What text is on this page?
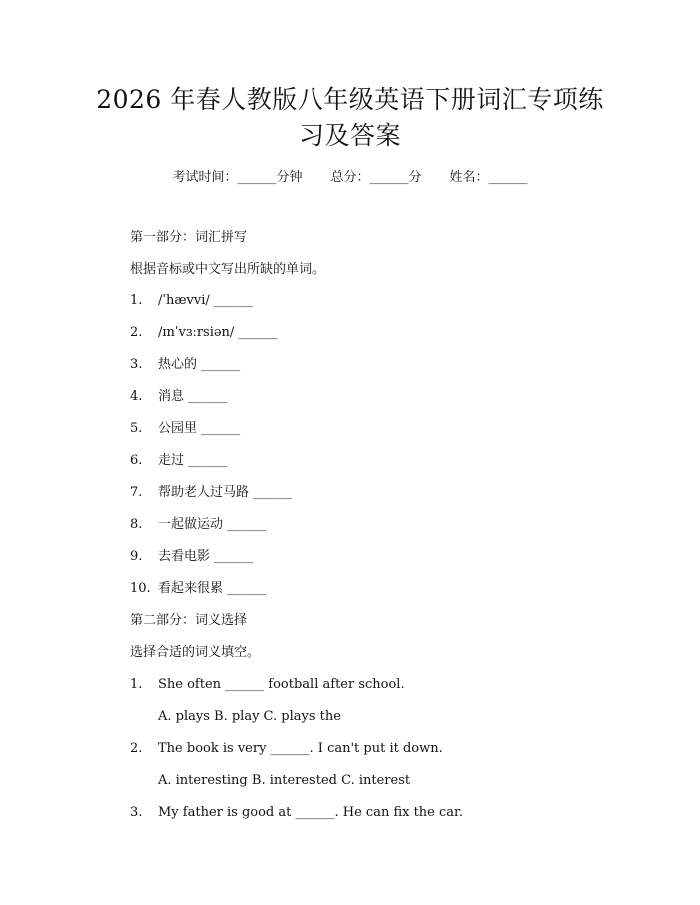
2026 年春人教版八年级英语下册词汇专项练
习及答案
考试时间：______分钟 总分：______分 姓名：______
第一部分：词汇拼写
根据音标或中文写出所缺的单词。
1. /ˈhævvi/ ______
2. /ɪnˈvɜːrsiən/ ______
3. 热心的 ______
4. 消息 ______
5. 公园里 ______
6. 走过 ______
7. 帮助老人过马路 ______
8. 一起做运动 ______
9. 去看电影 ______
10. 看起来很累 ______
第二部分：词义选择
选择合适的词义填空。
1. She often ______ football after school.
A. plays B. play C. plays the
2. The book is very ______. I can't put it down.
A. interesting B. interested C. interest
3. My father is good at ______. He can fix the car.
